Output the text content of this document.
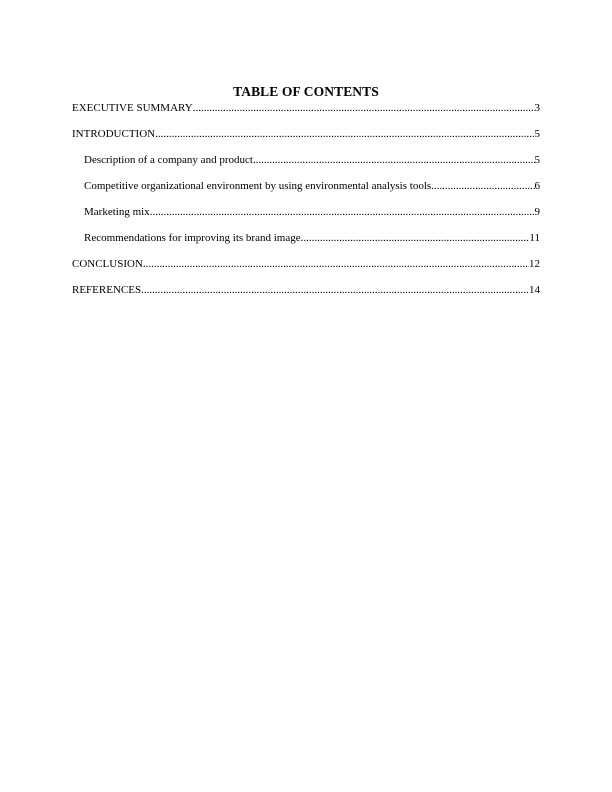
TABLE OF CONTENTS
EXECUTIVE SUMMARY .....	3
INTRODUCTION .....	5
Description of a company and product .....	5
Competitive organizational environment by using environmental analysis tools .....	6
Marketing mix .....	9
Recommendations for improving its brand image .....	11
CONCLUSION .....	12
REFERENCES .....	14
